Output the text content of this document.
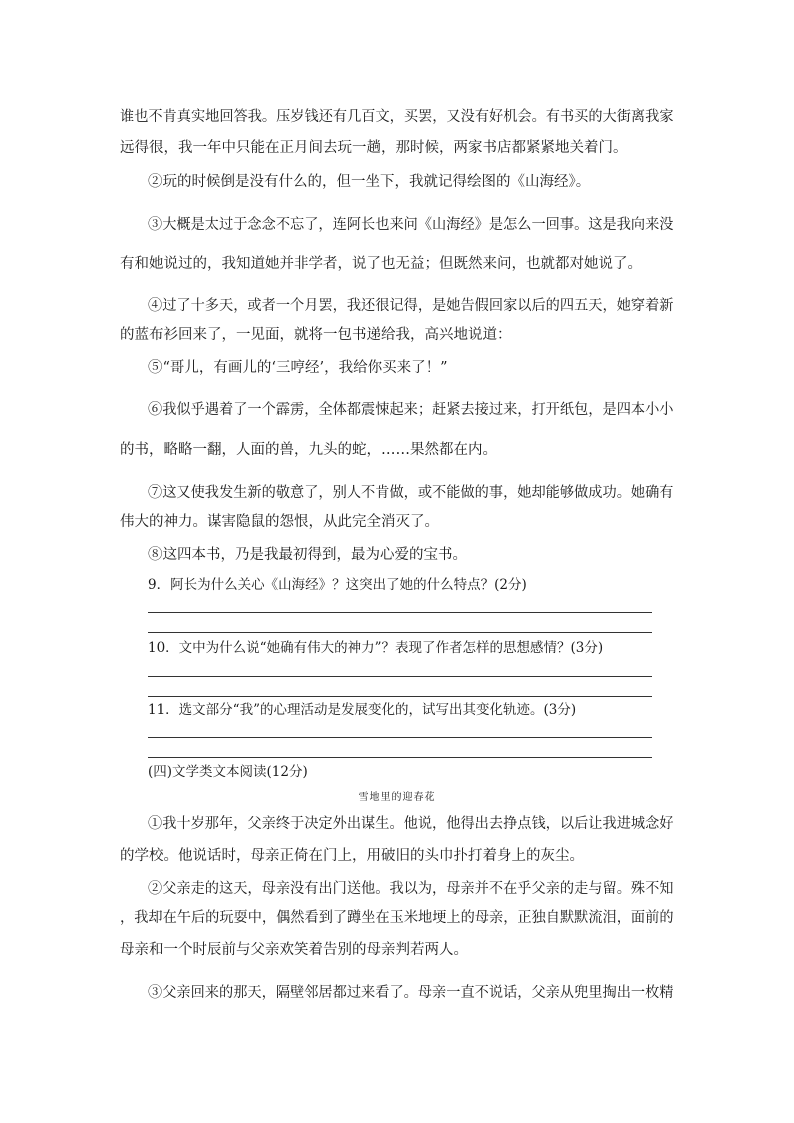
谁也不肯真实地回答我。压岁钱还有几百文，买罢，又没有好机会。有书买的大街离我家
远得很，我一年中只能在正月间去玩一趟，那时候，两家书店都紧紧地关着门。
②玩的时候倒是没有什么的，但一坐下，我就记得绘图的《山海经》。
③大概是太过于念念不忘了，连阿长也来问《山海经》是怎么一回事。这是我向来没
有和她说过的，我知道她并非学者，说了也无益；但既然来问，也就都对她说了。
④过了十多天，或者一个月罢，我还很记得，是她告假回家以后的四五天，她穿着新
的蓝布衫回来了，一见面，就将一包书递给我，高兴地说道：
⑤“哥儿，有画儿的‘三哼经’，我给你买来了！”
⑥我似乎遇着了一个霹雳，全体都震悚起来；赶紧去接过来，打开纸包，是四本小小
的书，略略一翻，人面的兽，九头的蛇，……果然都在内。
⑦这又使我发生新的敬意了，别人不肯做，或不能做的事，她却能够做成功。她确有
伟大的神力。谋害隐鼠的怨恨，从此完全消灭了。
⑧这四本书，乃是我最初得到，最为心爱的宝书。
9．阿长为什么关心《山海经》？这突出了她的什么特点？(2分)
10．文中为什么说“她确有伟大的神力”？表现了作者怎样的思想感情？(3分)
11．选文部分“我”的心理活动是发展变化的，试写出其变化轨迹。(3分)
(四)文学类文本阅读(12分)
雪地里的迎春花
①我十岁那年，父亲终于决定外出谋生。他说，他得出去挣点钱，以后让我进城念好
的学校。他说话时，母亲正倚在门上，用破旧的头巾扑打着身上的灰尘。
②父亲走的这天，母亲没有出门送他。我以为，母亲并不在乎父亲的走与留。殊不知
，我却在午后的玩耍中，偶然看到了蹲坐在玉米地埂上的母亲，正独自默默流泪，面前的
母亲和一个时辰前与父亲欢笑着告别的母亲判若两人。
③父亲回来的那天，隔壁邻居都过来看了。母亲一直不说话，父亲从兜里掏出一枚精
